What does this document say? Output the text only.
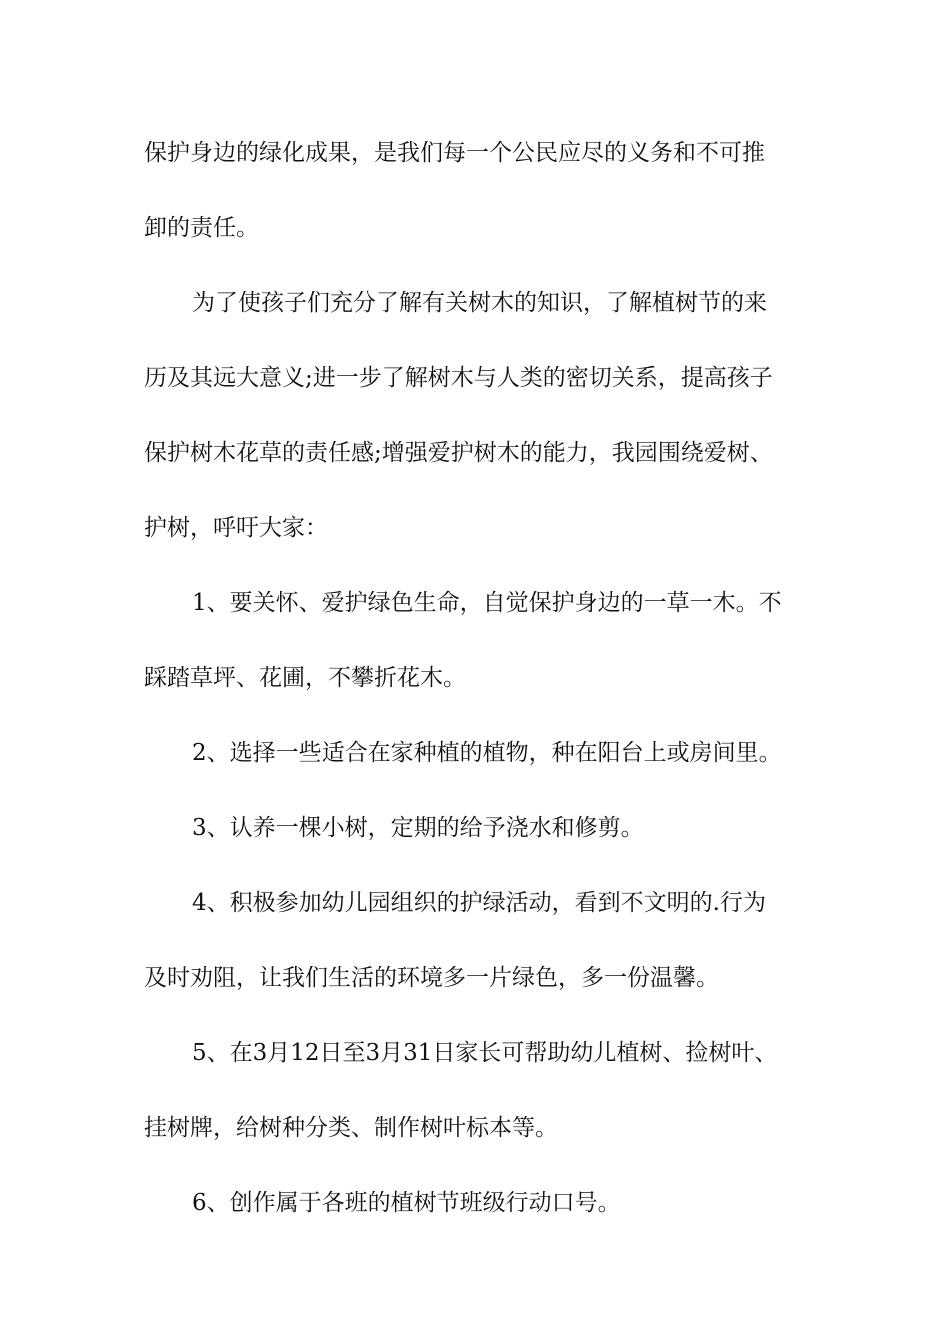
保护身边的绿化成果，是我们每一个公民应尽的义务和不可推
卸的责任。
为了使孩子们充分了解有关树木的知识，了解植树节的来
历及其远大意义;进一步了解树木与人类的密切关系，提高孩子
保护树木花草的责任感;增强爱护树木的能力，我园围绕爱树、
护树，呼吁大家：
1、要关怀、爱护绿色生命，自觉保护身边的一草一木。不
踩踏草坪、花圃，不攀折花木。
2、选择一些适合在家种植的植物，种在阳台上或房间里。
3、认养一棵小树，定期的给予浇水和修剪。
4、积极参加幼儿园组织的护绿活动，看到不文明的.行为
及时劝阻，让我们生活的环境多一片绿色，多一份温馨。
5、在3月12日至3月31日家长可帮助幼儿植树、捡树叶、
挂树牌，给树种分类、制作树叶标本等。
6、创作属于各班的植树节班级行动口号。
